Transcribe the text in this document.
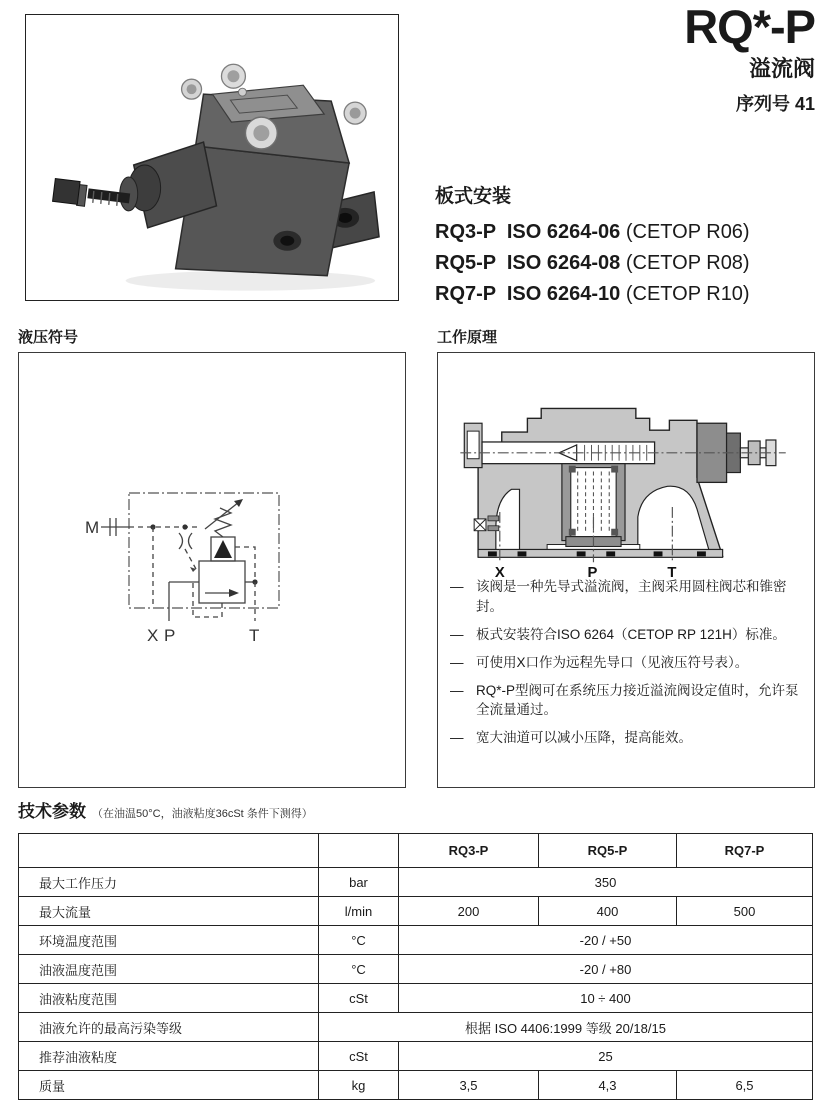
RQ*-P
溢流阀
序列号 41
板式安装
RQ3-P  ISO 6264-06 (CETOP R06)
RQ5-P  ISO 6264-08 (CETOP R08)
RQ7-P  ISO 6264-10 (CETOP R10)
液压符号
M
X P	T
工作原理
X	P	T
— 该阀是一种先导式溢流阀，主阀采用圆柱阀芯和锥密封。
— 板式安装符合ISO 6264（CETOP RP 121H）标准。
— 可使用X口作为远程先导口（见液压符号表）。
— RQ*-P型阀可在系统压力接近溢流阀设定值时，允许泵全流量通过。
— 宽大油道可以减小压降，提高能效。
技术参数 （在油温50°C，油液粘度36cSt 条件下测得）
		RQ3-P	RQ5-P	RQ7-P
最大工作压力	bar	350		
最大流量	l/min	200	400	500
环境温度范围	°C	-20 / +50		
油液温度范围	°C	-20 / +80		
油液粘度范围	cSt	10 ÷ 400		
油液允许的最高污染等级	根据 ISO 4406:1999 等级 20/18/15			
推荐油液粘度	cSt	25		
质量	kg	3,5	4,3	6,5
